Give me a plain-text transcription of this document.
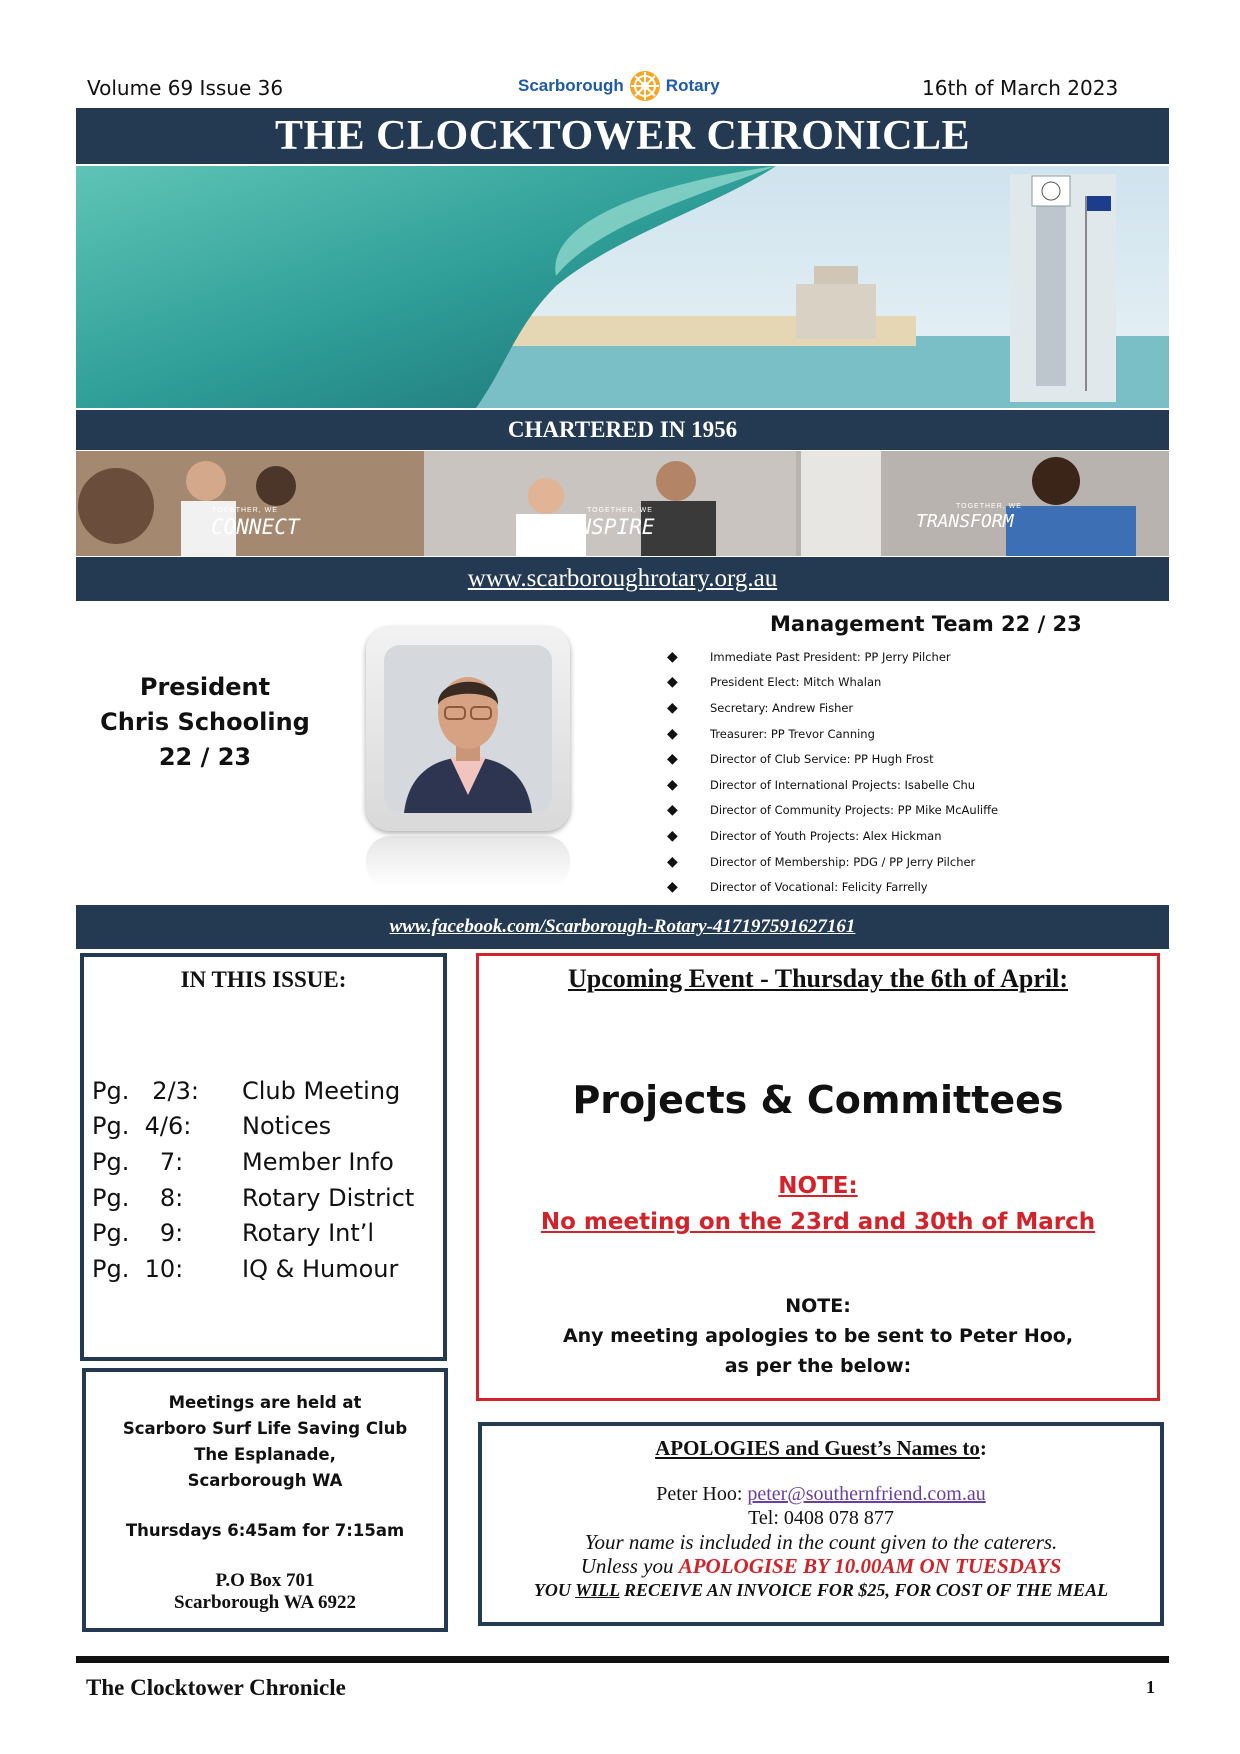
Volume 69 Issue 36	Scarborough Rotary	16th of March 2023
THE CLOCKTOWER CHRONICLE
CHARTERED IN 1956
TOGETHER, WE
CONNECT
TOGETHER, WE
INSPIRE
TOGETHER, WE
TRANSFORM
www.scarboroughrotary.org.au
President
Chris Schooling
22 / 23
Management Team 22 / 23
◆	Immediate Past President: PP Jerry Pilcher
◆	President Elect: Mitch Whalan
◆	Secretary: Andrew Fisher
◆	Treasurer: PP Trevor Canning
◆	Director of Club Service: PP Hugh Frost
◆	Director of International Projects: Isabelle Chu
◆	Director of Community Projects: PP Mike McAuliffe
◆	Director of Youth Projects: Alex Hickman
◆	Director of Membership: PDG / PP Jerry Pilcher
◆	Director of Vocational: Felicity Farrelly
www.facebook.com/Scarborough-Rotary-417197591627161
IN THIS ISSUE:
Pg.   2/3:	Club Meeting
Pg.  4/6:	Notices
Pg.    7:	Member Info
Pg.    8:	Rotary District
Pg.    9:	Rotary Int’l
Pg.  10:	IQ & Humour
Meetings are held at
Scarboro Surf Life Saving Club
The Esplanade,
Scarborough WA
Thursdays 6:45am for 7:15am
P.O Box 701
Scarborough WA 6922
Upcoming Event - Thursday the 6th of April:
Projects & Committees
NOTE:
No meeting on the 23rd and 30th of March
NOTE:
Any meeting apologies to be sent to Peter Hoo,
as per the below:
APOLOGIES and Guest’s Names to:
Peter Hoo: peter@southernfriend.com.au
Tel: 0408 078 877
Your name is included in the count given to the caterers.
Unless you APOLOGISE BY 10.00AM ON TUESDAYS
YOU WILL RECEIVE AN INVOICE FOR $25, FOR COST OF THE MEAL
The Clocktower Chronicle	1
